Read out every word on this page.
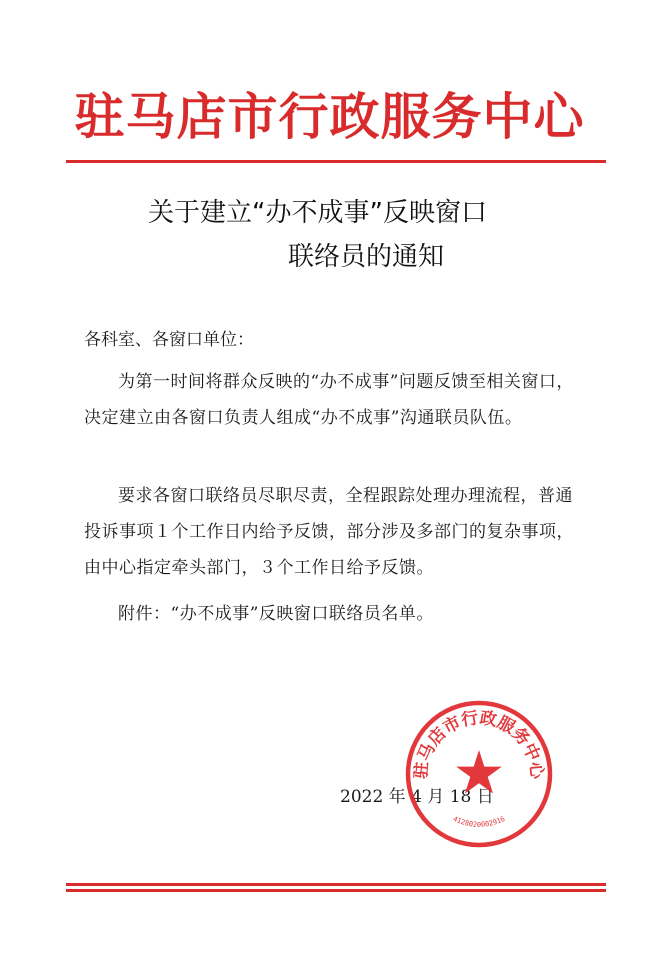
驻马店市行政服务中心
关于建立“办不成事”反映窗口
联络员的通知
各科室、各窗口单位：
为第一时间将群众反映的“办不成事”问题反馈至相关窗口，决定建立由各窗口负责人组成“办不成事”沟通联员队伍。
要求各窗口联络员尽职尽责，全程跟踪处理办理流程，普通投诉事项１个工作日内给予反馈，部分涉及多部门的复杂事项，由中心指定牵头部门，３个工作日给予反馈。
附件：“办不成事”反映窗口联络员名单。
2022 年 4 月 18 日
驻马店市行政服务中心
4128020002916
